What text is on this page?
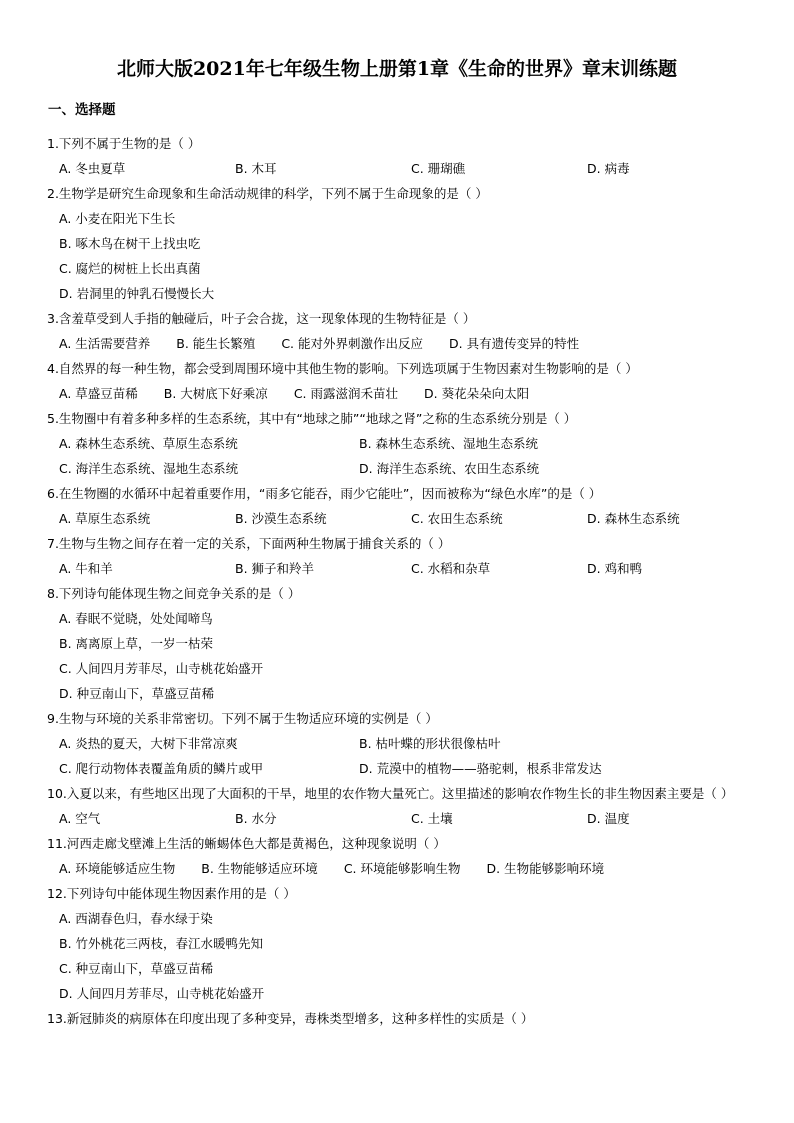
北师大版2021年七年级生物上册第1章《生命的世界》章末训练题
一、选择题
1.下列不属于生物的是（ ）
A. 冬虫夏草	B. 木耳	C. 珊瑚礁	D. 病毒
2.生物学是研究生命现象和生命活动规律的科学，下列不属于生命现象的是（ ）
A. 小麦在阳光下生长
B. 啄木鸟在树干上找虫吃
C. 腐烂的树桩上长出真菌
D. 岩洞里的钟乳石慢慢长大
3.含羞草受到人手指的触碰后，叶子会合拢，这一现象体现的生物特征是（ ）
A. 生活需要营养 B. 能生长繁殖 C. 能对外界刺激作出反应 D. 具有遗传变异的特性
4.自然界的每一种生物，都会受到周围环境中其他生物的影响。下列选项属于生物因素对生物影响的是（ ）
A. 草盛豆苗稀 B. 大树底下好乘凉 C. 雨露滋润禾苗壮 D. 葵花朵朵向太阳
5.生物圈中有着多种多样的生态系统，其中有“地球之肺”“地球之肾”之称的生态系统分别是（ ）
A. 森林生态系统、草原生态系统	B. 森林生态系统、湿地生态系统
C. 海洋生态系统、湿地生态系统	D. 海洋生态系统、农田生态系统
6.在生物圈的水循环中起着重要作用，“雨多它能吞，雨少它能吐”，因而被称为“绿色水库”的是（ ）
A. 草原生态系统	B. 沙漠生态系统	C. 农田生态系统	D. 森林生态系统
7.生物与生物之间存在着一定的关系，下面两种生物属于捕食关系的（ ）
A. 牛和羊	B. 狮子和羚羊	C. 水稻和杂草	D. 鸡和鸭
8.下列诗句能体现生物之间竞争关系的是（ ）
A. 春眠不觉晓，处处闻啼鸟
B. 离离原上草，一岁一枯荣
C. 人间四月芳菲尽，山寺桃花始盛开
D. 种豆南山下，草盛豆苗稀
9.生物与环境的关系非常密切。下列不属于生物适应环境的实例是（ ）
A. 炎热的夏天，大树下非常凉爽	B. 枯叶蝶的形状很像枯叶
C. 爬行动物体表覆盖角质的鳞片或甲	D. 荒漠中的植物——骆驼刺，根系非常发达
10.入夏以来，有些地区出现了大面积的干旱，地里的农作物大量死亡。这里描述的影响农作物生长的非生物因素主要是（ ）
A. 空气	B. 水分	C. 土壤	D. 温度
11.河西走廊戈壁滩上生活的蜥蜴体色大都是黄褐色，这种现象说明（ ）
A. 环境能够适应生物 B. 生物能够适应环境 C. 环境能够影响生物 D. 生物能够影响环境
12.下列诗句中能体现生物因素作用的是（ ）
A. 西湖春色归，春水绿于染
B. 竹外桃花三两枝，春江水暖鸭先知
C. 种豆南山下，草盛豆苗稀
D. 人间四月芳菲尽，山寺桃花始盛开
13.新冠肺炎的病原体在印度出现了多种变异，毒株类型增多，这种多样性的实质是（ ）
